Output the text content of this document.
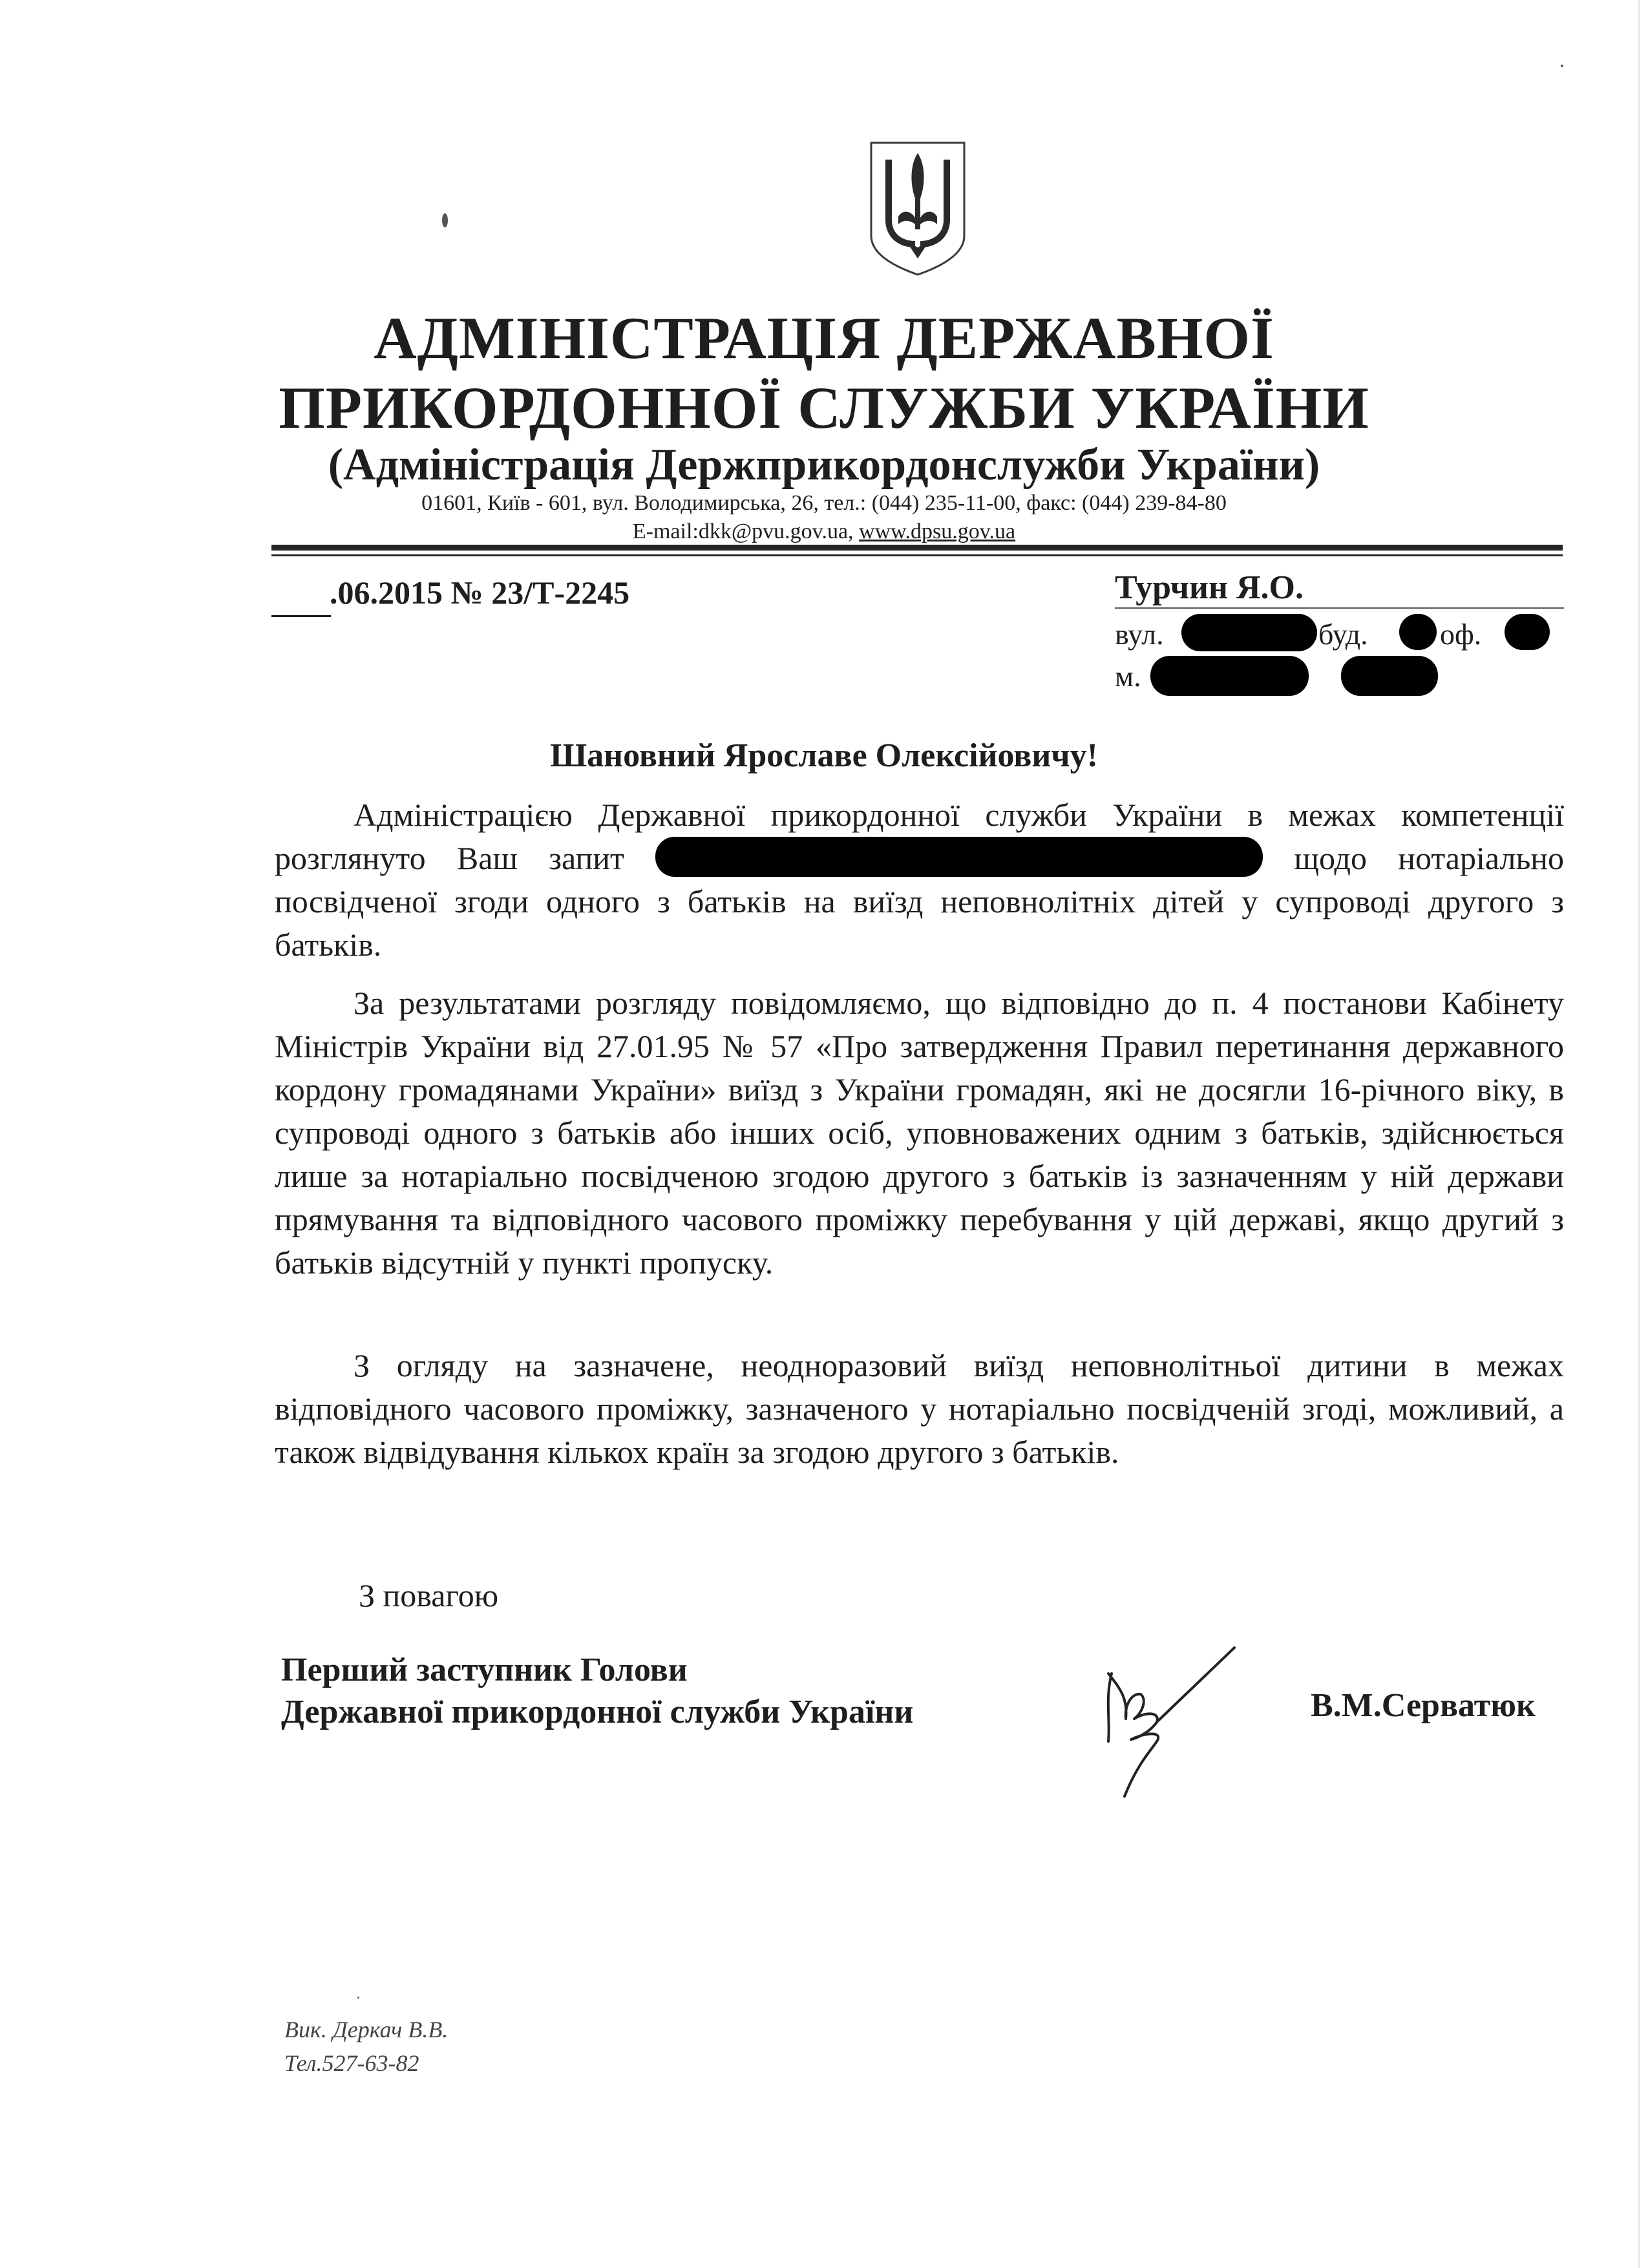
АДМІНІСТРАЦІЯ ДЕРЖАВНОЇ
ПРИКОРДОННОЇ СЛУЖБИ УКРАЇНИ
(Адміністрація Держприкордонслужби України)
01601, Київ - 601, вул. Володимирська, 26, тел.: (044) 235-11-00, факс: (044) 239-84-80
E-mail:dkk@pvu.gov.ua, www.dpsu.gov.ua
.06.2015 № 23/Т-2245	Турчин Я.О.
вул.	буд. оф.
м.
Шановний Ярославе Олексійовичу!

Адміністрацією Державної прикордонної служби України в межах компетенції розглянуто Ваш запит	щодо нотаріально посвідченої згоди одного з батьків на виїзд неповнолітніх дітей у супроводі другого з батьків.

За результатами розгляду повідомляємо, що відповідно до п. 4 постанови Кабінету Міністрів України від 27.01.95 № 57 «Про затвердження Правил перетинання державного кордону громадянами України» виїзд з України громадян, які не досягли 16-річного віку, в супроводі одного з батьків або інших осіб, уповноважених одним з батьків, здійснюється лише за нотаріально посвідченою згодою другого з батьків із зазначенням у ній держави прямування та відповідного часового проміжку перебування у цій державі, якщо другий з батьків відсутній у пункті пропуску.

З огляду на зазначене, неодноразовий виїзд неповнолітньої дитини в межах відповідного часового проміжку, зазначеного у нотаріально посвідченій згоді, можливий, а також відвідування кількох країн за згодою другого з батьків.

З повагою
Перший заступник Голови
Державної прикордонної служби України	В.М.Серватюк
Вик. Деркач В.В.
Тел.527-63-82
